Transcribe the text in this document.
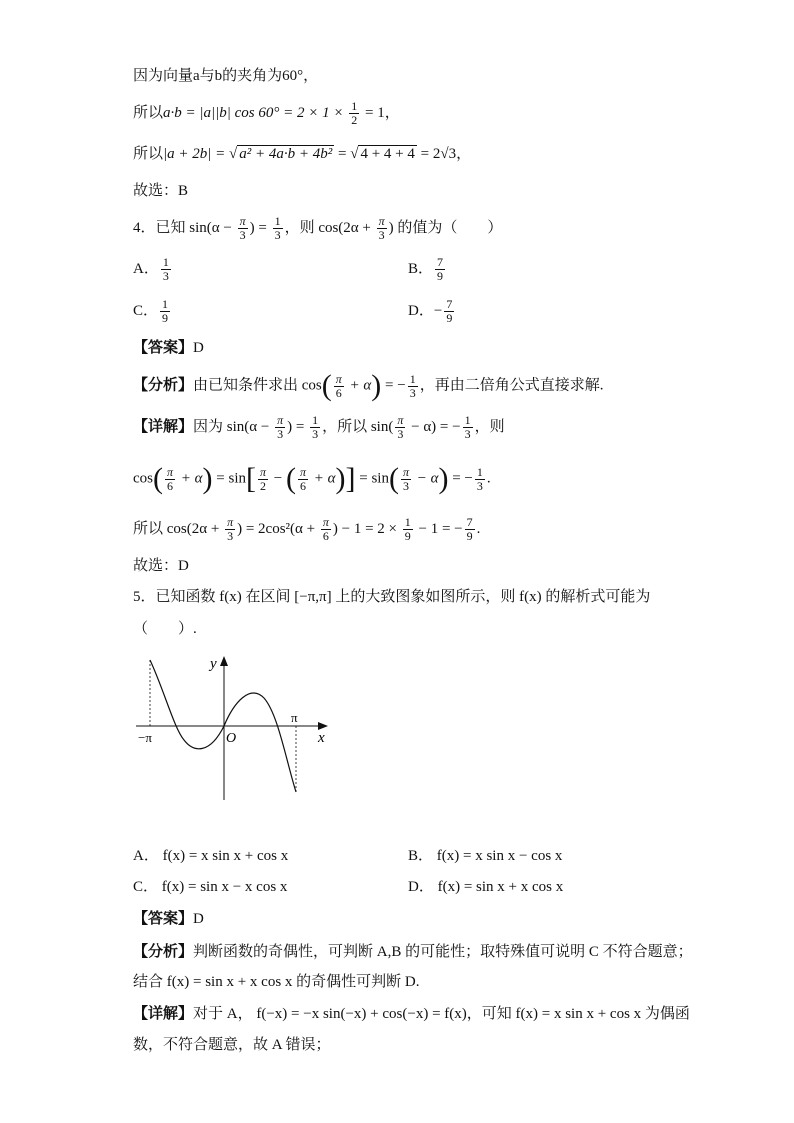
因为向量a与b的夹角为60°，
所以a·b = |a||b| $\cos 60^\circ = 2 \times 1 \times \frac{1}{2} = 1$，
所以|a + 2b| = √ a² + 4a·b + 4b² = √ 4 + 4 + 4 = 2√3，
故选：B
4．已知 $\sin(\alpha - \frac{\pi}{3}$ ) = $\frac{1}{3}$ ，则 $\cos(2\alpha + \frac{\pi}{3}$ ) 的值为（　　）
A． $\frac{1}{3}$	B． $\frac{7}{9}$
C． $\frac{1}{9}$	D．− $\frac{7}{9}$
【答案】D
【分析】由已知条件求出 $\cos( \frac{\pi}{6} + \alpha)$ = − $\frac{1}{3}$ ，再由二倍角公式直接求解.
【详解】因为 $\sin(\alpha - \frac{\pi}{3}$ ) = $\frac{1}{3}$ ，所以 $\sin( \frac{\pi}{3} - \alpha)$ = − $\frac{1}{3}$ ，则
$\cos( \frac{\pi}{6} + \alpha) = \sin[ \frac{\pi}{2}$ − ( $\frac{\pi}{6} + \alpha)] = \sin( \frac{\pi}{3} - \alpha)$ = − $\frac{1}{3}$ .
所以 $\cos(2\alpha + \frac{\pi}{3}$ ) = $2\cos^2(\alpha + \frac{\pi}{6}$ ) − $1 = 2 \times \frac{1}{9} - 1$ = − $\frac{7}{9}$ .
故选：D
5．已知函数 f(x) 在区间 [−π,π] 上的大致图象如图所示，则 f(x) 的解析式可能为
（　　）.
y
x
O
−π
π
A． f(x) = x sin x + cos x	B． f(x) = x sin x − cos x
C． f(x) = sin x − x cos x	D． f(x) = sin x + x cos x
【答案】D
【分析】判断函数的奇偶性，可判断 A,B 的可能性；取特殊值可说明 C 不符合题意；
结合 f(x) = sin x + x cos x 的奇偶性可判断 D.
【详解】对于 A， f(−x) = −x sin(−x) + cos(−x) = f(x)，可知 f(x) = x sin x + cos x 为偶函
数，不符合题意，故 A 错误；
